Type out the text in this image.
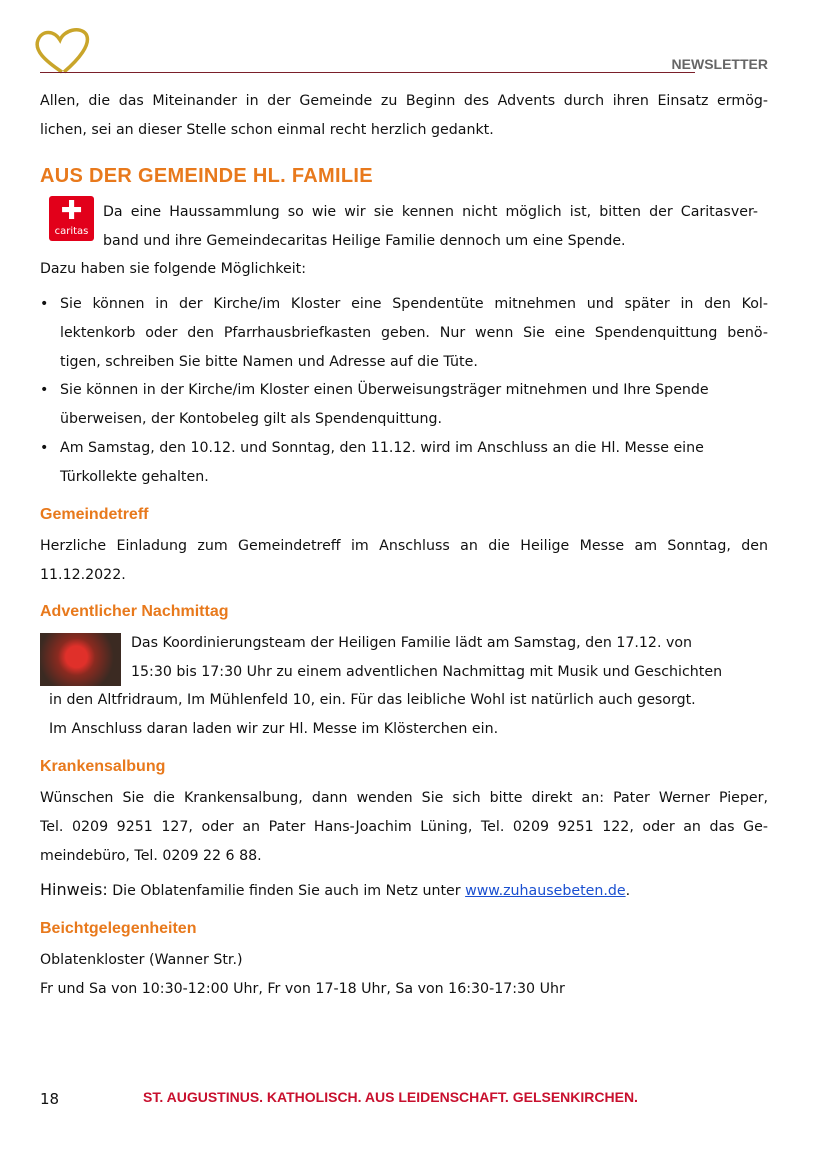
NEWSLETTER
Allen, die das Miteinander in der Gemeinde zu Beginn des Advents durch ihren Einsatz ermög-
lichen, sei an dieser Stelle schon einmal recht herzlich gedankt.
AUS DER GEMEINDE HL. FAMILIE
✚
caritas
Da eine Haussammlung so wie wir sie kennen nicht möglich ist, bitten der Caritasver-
band und ihre Gemeindecaritas Heilige Familie dennoch um eine Spende.
Dazu haben sie folgende Möglichkeit:
• Sie können in der Kirche/im Kloster eine Spendentüte mitnehmen und später in den Kol-
lektenkorb oder den Pfarrhausbriefkasten geben. Nur wenn Sie eine Spendenquittung benö-
tigen, schreiben Sie bitte Namen und Adresse auf die Tüte.
• Sie können in der Kirche/im Kloster einen Überweisungsträger mitnehmen und Ihre Spende
überweisen, der Kontobeleg gilt als Spendenquittung.
• Am Samstag, den 10.12. und Sonntag, den 11.12. wird im Anschluss an die Hl. Messe eine
Türkollekte gehalten.
Gemeindetreff
Herzliche Einladung zum Gemeindetreff im Anschluss an die Heilige Messe am Sonntag, den
11.12.2022.
Adventlicher Nachmittag
Das Koordinierungsteam der Heiligen Familie lädt am Samstag, den 17.12. von
15:30 bis 17:30 Uhr zu einem adventlichen Nachmittag mit Musik und Geschichten
in den Altfridraum, Im Mühlenfeld 10, ein. Für das leibliche Wohl ist natürlich auch gesorgt.
Im Anschluss daran laden wir zur Hl. Messe im Klösterchen ein.
Krankensalbung
Wünschen Sie die Krankensalbung, dann wenden Sie sich bitte direkt an: Pater Werner Pieper,
Tel. 0209 9251 127, oder an Pater Hans-Joachim Lüning, Tel. 0209 9251 122, oder an das Ge-
meindebüro, Tel. 0209 22 6 88.
Hinweis: Die Oblatenfamilie finden Sie auch im Netz unter www.zuhausebeten.de.
Beichtgelegenheiten
Oblatenkloster (Wanner Str.)
Fr und Sa von 10:30-12:00 Uhr, Fr von 17-18 Uhr, Sa von 16:30-17:30 Uhr
18	ST. AUGUSTINUS. KATHOLISCH. AUS LEIDENSCHAFT. GELSENKIRCHEN.
